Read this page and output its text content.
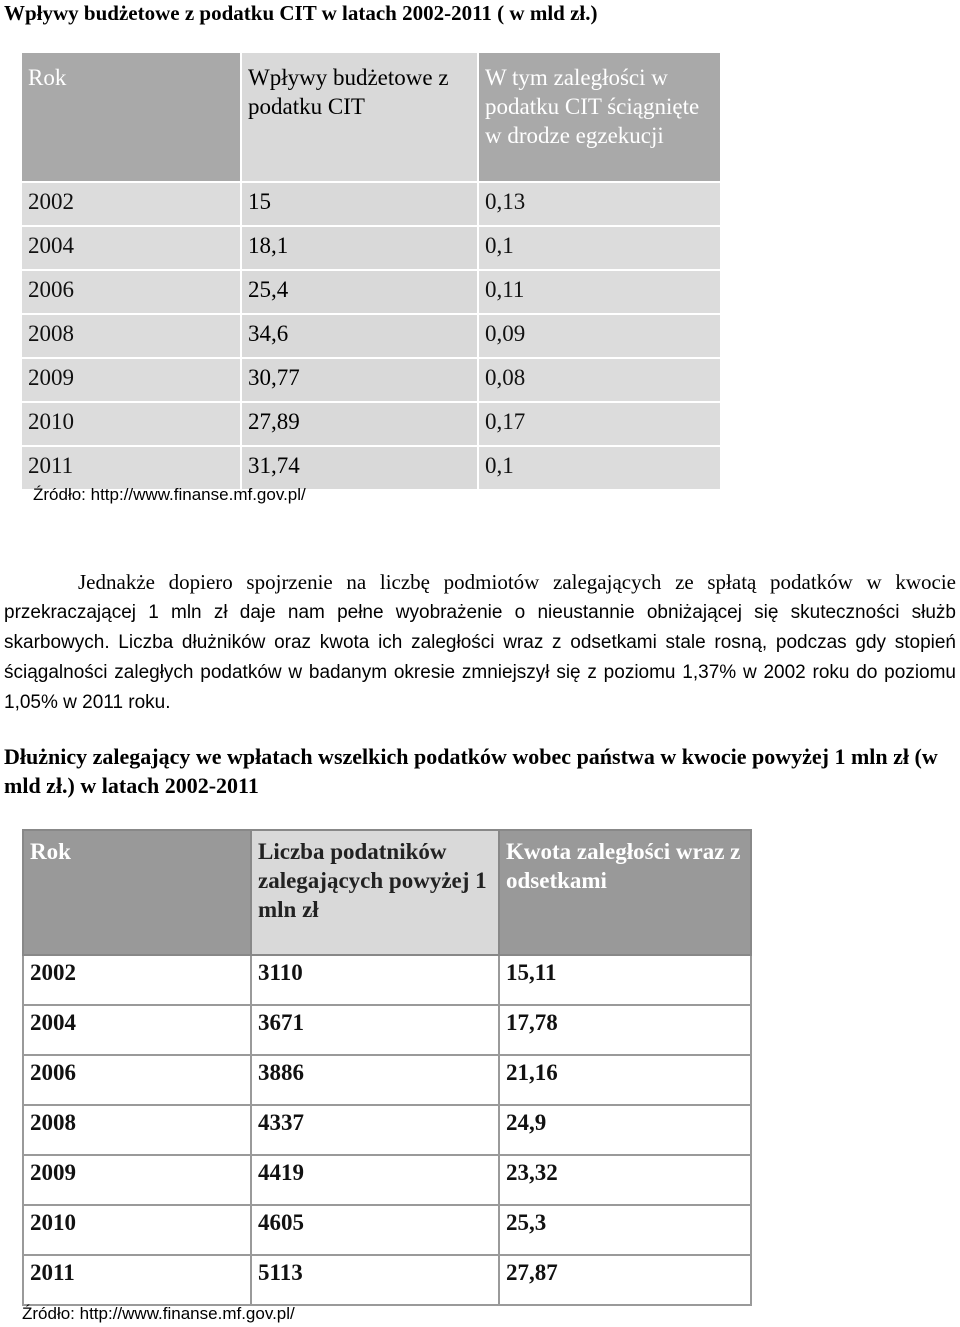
Wpływy budżetowe z podatku CIT w latach 2002-2011 ( w mld zł.)
Rok	Wpływy budżetowe z podatku CIT	W tym zaległości w podatku CIT ściągnięte w drodze egzekucji
2002	15	0,13
2004	18,1	0,1
2006	25,4	0,11
2008	34,6	0,09
2009	30,77	0,08
2010	27,89	0,17
2011	31,74	0,1
Źródło: http://www.finanse.mf.gov.pl/
Jednakże dopiero spojrzenie na liczbę podmiotów zalegających ze spłatą podatków w kwocie przekraczającej 1 mln zł daje nam pełne wyobrażenie o nieustannie obniżającej się skuteczności służb skarbowych. Liczba dłużników oraz kwota ich zaległości wraz z odsetkami stale rosną, podczas gdy stopień ściągalności zaległych podatków w badanym okresie zmniejszył się z poziomu 1,37% w 2002 roku do poziomu 1,05% w 2011 roku.
Dłużnicy zalegający we wpłatach wszelkich podatków wobec państwa w kwocie powyżej 1 mln zł (w mld zł.) w latach 2002-2011
Rok	Liczba podatników zalegających powyżej 1 mln zł	Kwota zaległości wraz z odsetkami
2002	3110	15,11
2004	3671	17,78
2006	3886	21,16
2008	4337	24,9
2009	4419	23,32
2010	4605	25,3
2011	5113	27,87
Źródło: http://www.finanse.mf.gov.pl/
